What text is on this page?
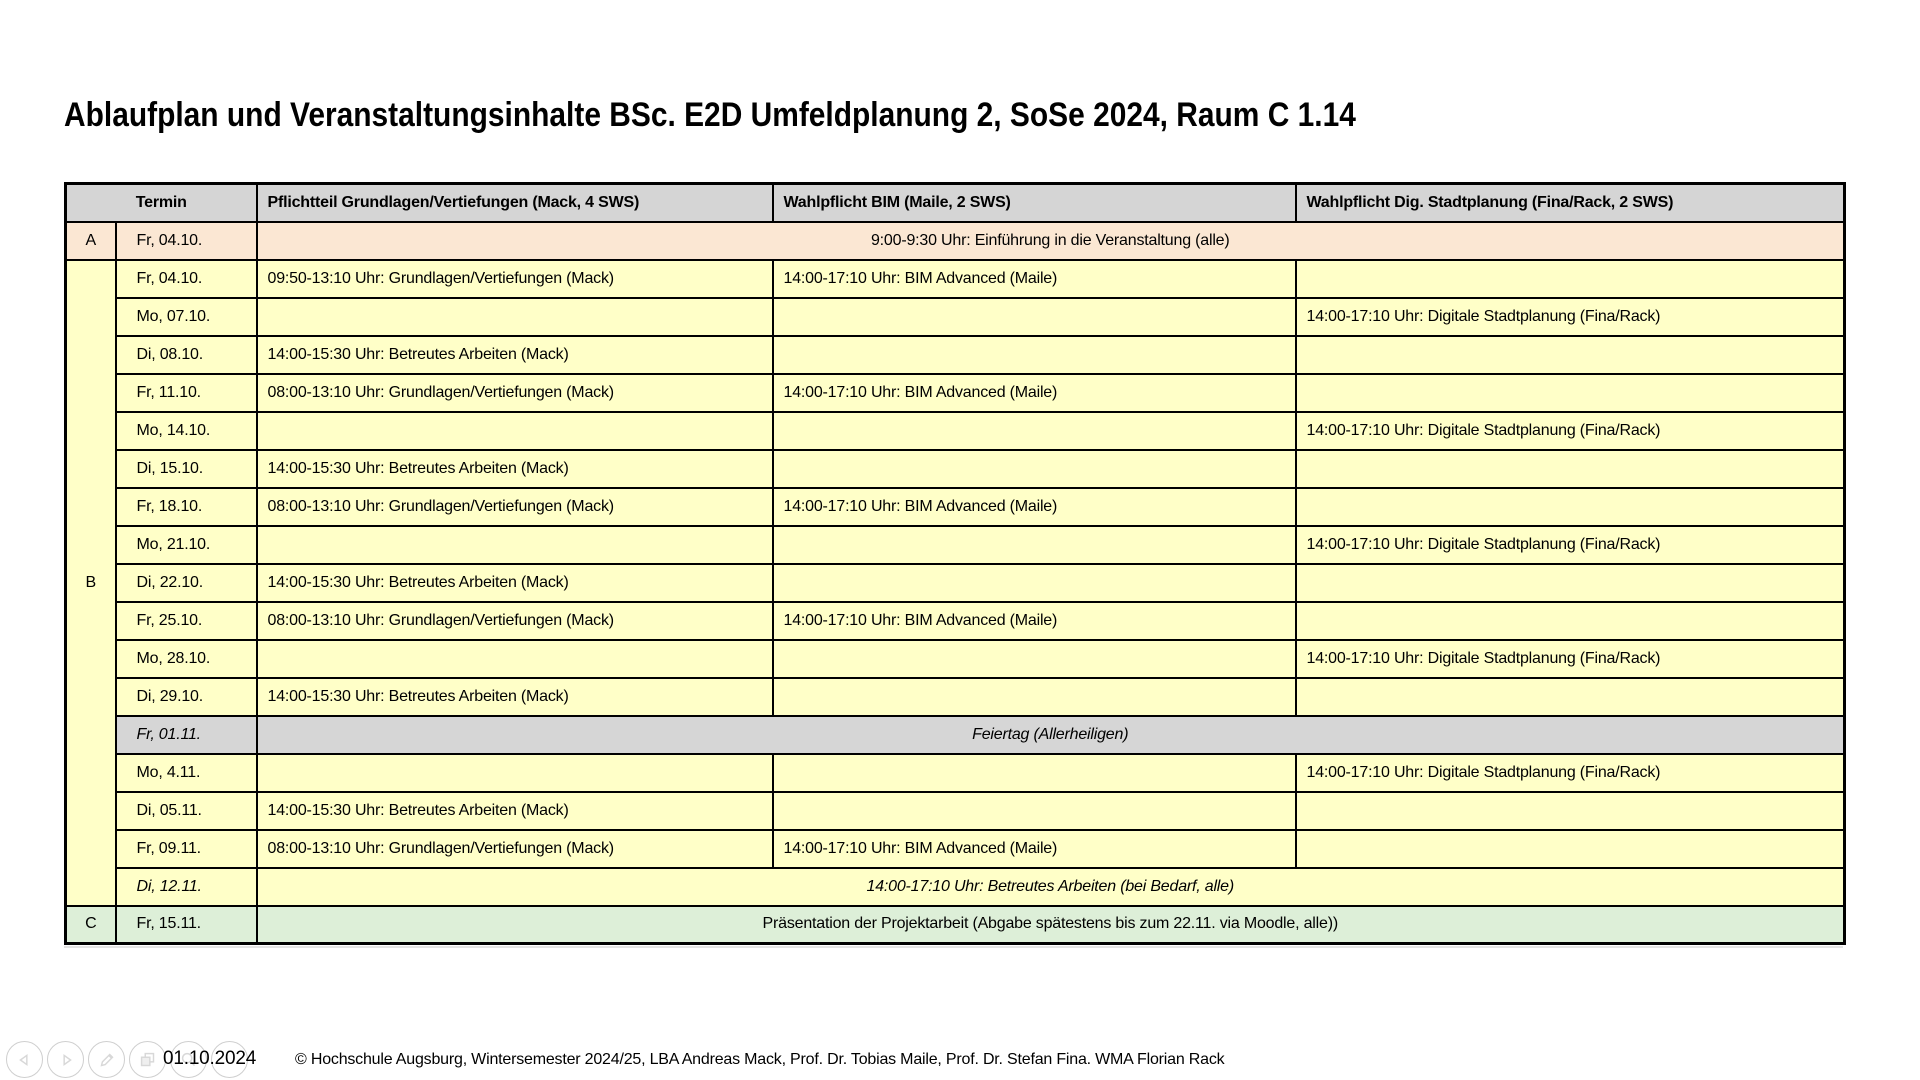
Ablaufplan und Veranstaltungsinhalte BSc. E2D Umfeldplanung 2, SoSe 2024, Raum C 1.14
Termin		Pflichtteil Grundlagen/Vertiefungen (Mack, 4 SWS)	Wahlpflicht BIM (Maile, 2 SWS)	Wahlpflicht Dig. Stadtplanung (Fina/Rack, 2 SWS)
A	Fr, 04.10.	9:00-9:30 Uhr: Einführung in die Veranstaltung (alle)		
B	Fr, 04.10.	09:50-13:10 Uhr: Grundlagen/Vertiefungen (Mack)	14:00-17:10 Uhr: BIM Advanced (Maile)	
	Mo, 07.10.			14:00-17:10 Uhr: Digitale Stadtplanung (Fina/Rack)
	Di, 08.10.	14:00-15:30 Uhr: Betreutes Arbeiten (Mack)		
	Fr, 11.10.	08:00-13:10 Uhr: Grundlagen/Vertiefungen (Mack)	14:00-17:10 Uhr: BIM Advanced (Maile)	
	Mo, 14.10.			14:00-17:10 Uhr: Digitale Stadtplanung (Fina/Rack)
	Di, 15.10.	14:00-15:30 Uhr: Betreutes Arbeiten (Mack)		
	Fr, 18.10.	08:00-13:10 Uhr: Grundlagen/Vertiefungen (Mack)	14:00-17:10 Uhr: BIM Advanced (Maile)	
	Mo, 21.10.			14:00-17:10 Uhr: Digitale Stadtplanung (Fina/Rack)
	Di, 22.10.	14:00-15:30 Uhr: Betreutes Arbeiten (Mack)		
	Fr, 25.10.	08:00-13:10 Uhr: Grundlagen/Vertiefungen (Mack)	14:00-17:10 Uhr: BIM Advanced (Maile)	
	Mo, 28.10.			14:00-17:10 Uhr: Digitale Stadtplanung (Fina/Rack)
	Di, 29.10.	14:00-15:30 Uhr: Betreutes Arbeiten (Mack)		
	Fr, 01.11.	Feiertag (Allerheiligen)		
	Mo, 4.11.			14:00-17:10 Uhr: Digitale Stadtplanung (Fina/Rack)
	Di, 05.11.	14:00-15:30 Uhr: Betreutes Arbeiten (Mack)		
	Fr, 09.11.	08:00-13:10 Uhr: Grundlagen/Vertiefungen (Mack)	14:00-17:10 Uhr: BIM Advanced (Maile)	
	Di, 12.11.	14:00-17:10 Uhr: Betreutes Arbeiten (bei Bedarf, alle)		
C	Fr, 15.11.	Präsentation der Projektarbeit (Abgabe spätestens bis zum 22.11. via Moodle, alle))		
01.10.2024 © Hochschule Augsburg, Wintersemester 2024/25, LBA Andreas Mack, Prof. Dr. Tobias Maile, Prof. Dr. Stefan Fina. WMA Florian Rack
